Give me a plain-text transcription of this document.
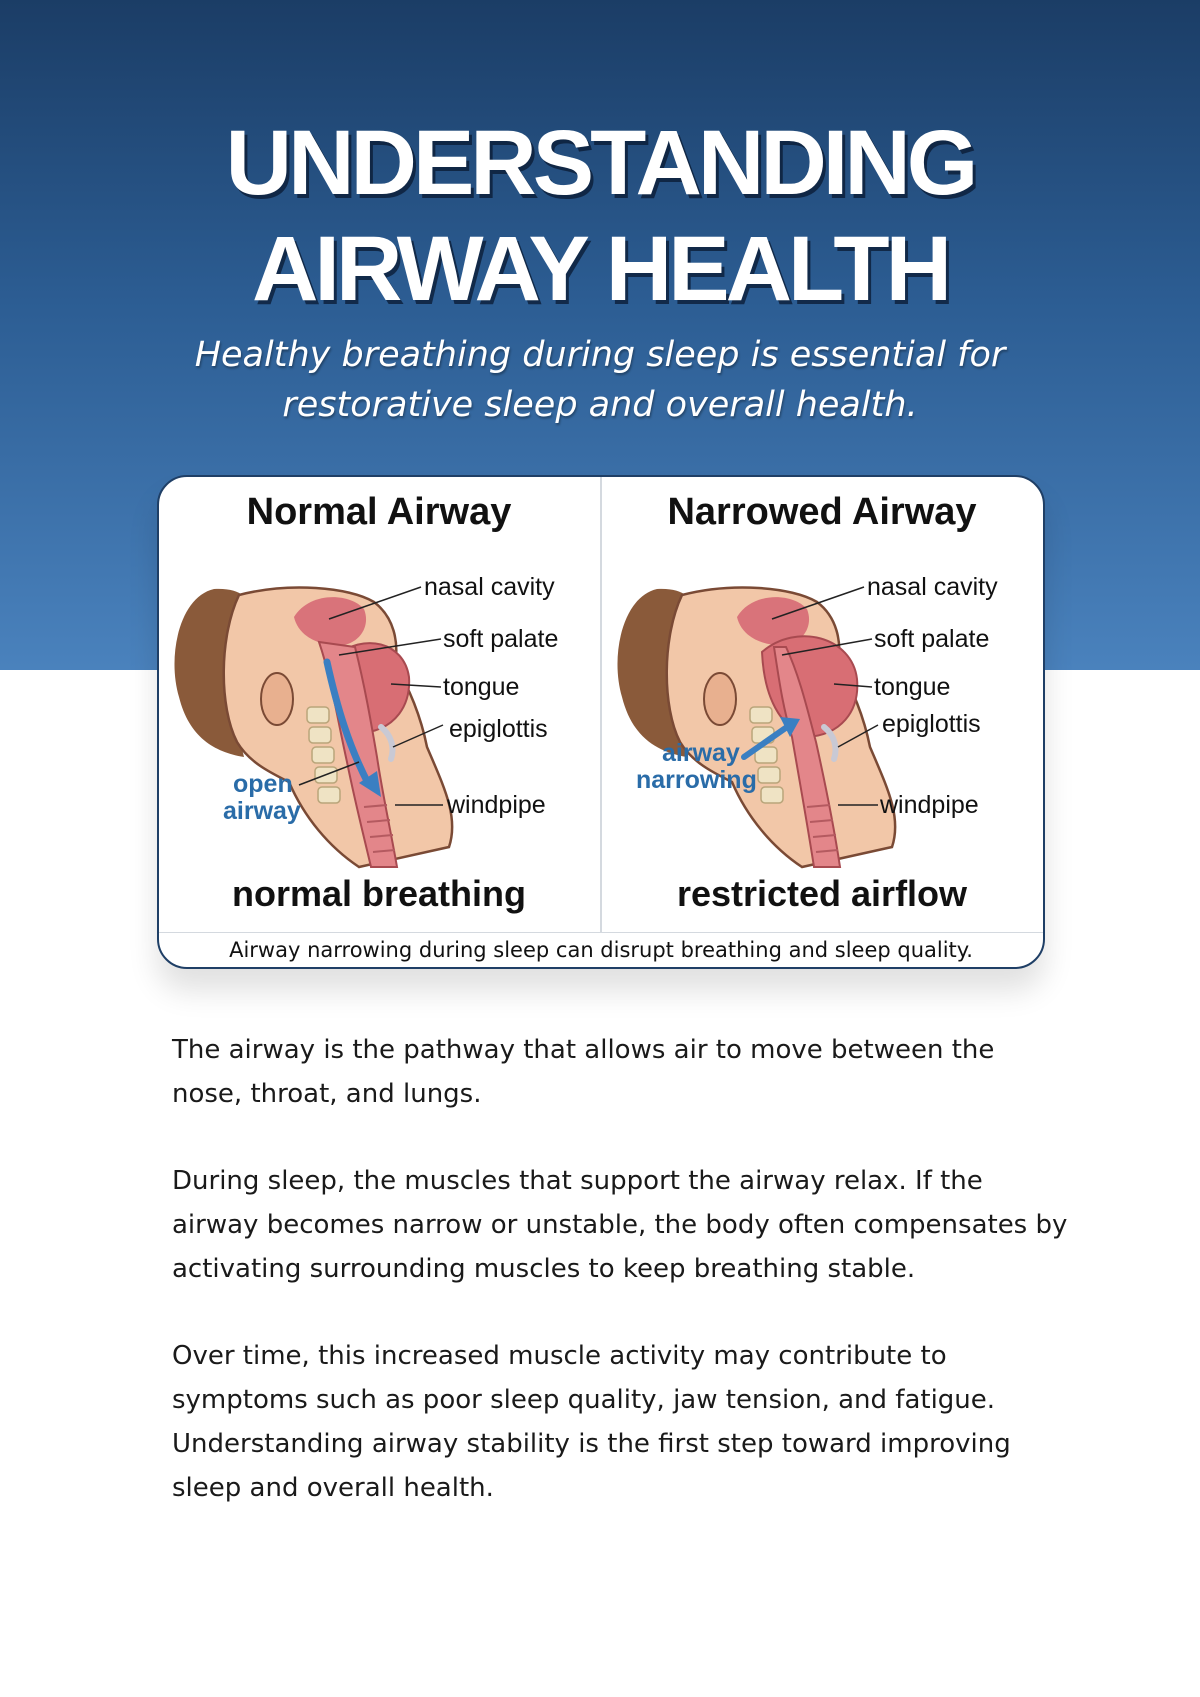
UNDERSTANDING
AIRWAY HEALTH

Healthy breathing during sleep is essential for restorative sleep and overall health.

Normal Airway
nasal cavity
soft palate
tongue
epiglottis
windpipe
open
airway
normal breathing
Narrowed Airway
nasal cavity
soft palate
tongue
epiglottis
windpipe
airway
narrowing
restricted airflow
Airway narrowing during sleep can disrupt breathing and sleep quality.

The airway is the pathway that allows air to move between the nose, throat, and lungs.

During sleep, the muscles that support the airway relax. If the airway becomes narrow or unstable, the body often compensates by activating surrounding muscles to keep breathing stable.

Over time, this increased muscle activity may contribute to symptoms such as poor sleep quality, jaw tension, and fatigue. Understanding airway stability is the first step toward improving sleep and overall health.
